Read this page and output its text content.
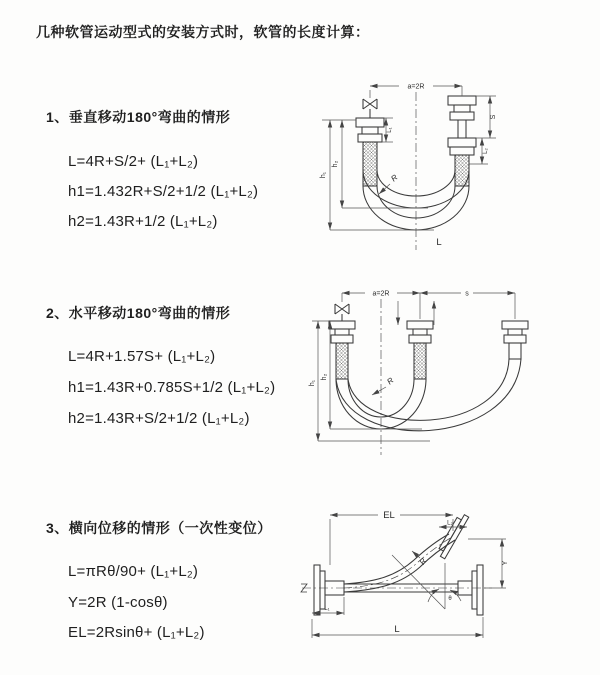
几种软管运动型式的安装方式时，软管的长度计算：

1、垂直移动180°弯曲的情形

L=4R+S/2+ (L₁+L₂)

h1=1.432R+S/2+1/2 (L₁+L₂)

h2=1.43R+1/2 (L₁+L₂)

a=2R
h₁
h₂
L₁
S
L₂
R
L

2、水平移动180°弯曲的情形

L=4R+1.57S+ (L₁+L₂)

h1=1.43R+0.785S+1/2 (L₁+L₂)

h2=1.43R+S/2+1/2 (L₁+L₂)

a=2R	s
h₁
h₂	R

3、横向位移的情形（一次性变位）

L=πRθ/90+ (L₁+L₂)

Y=2R (1-cosθ)

EL=2Rsinθ+ (L₁+L₂)

EL
L₂
Y
L
L₁
R
θ
